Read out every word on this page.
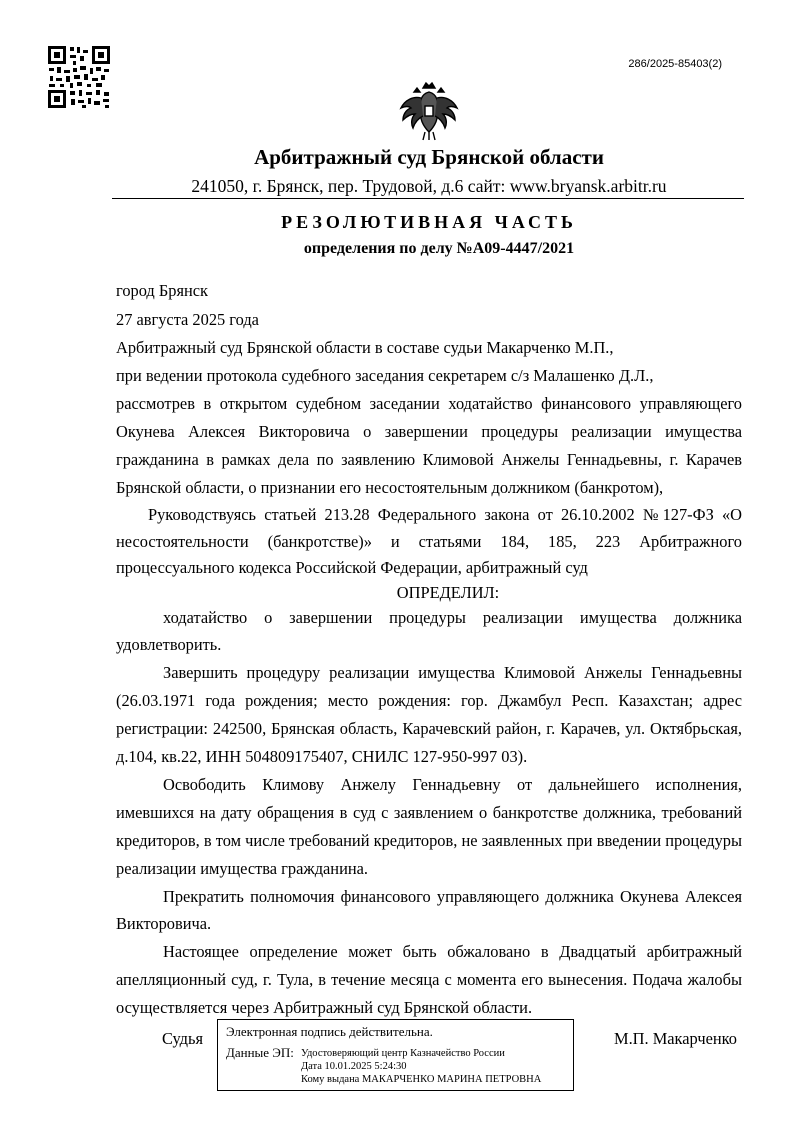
286/2025-85403(2)
Арбитражный суд Брянской области
241050, г. Брянск, пер. Трудовой, д.6 сайт: www.bryansk.arbitr.ru
РЕЗОЛЮТИВНАЯ ЧАСТЬ
определения по делу №А09-4447/2021
город Брянск
27 августа 2025 года
Арбитражный суд Брянской области в составе судьи Макарченко М.П.,
при ведении протокола судебного заседания секретарем с/з Малашенко Д.Л.,
рассмотрев в открытом судебном заседании ходатайство финансового управляющего
Окунева Алексея Викторовича о завершении процедуры реализации имущества
гражданина в рамках дела по заявлению Климовой Анжелы Геннадьевны, г. Карачев
Брянской области, о признании его несостоятельным должником (банкротом),
Руководствуясь статьей 213.28 Федерального закона от 26.10.2002 №127-ФЗ «О
несостоятельности (банкротстве)» и статьями 184, 185, 223 Арбитражного
процессуального кодекса Российской Федерации, арбитражный суд
ОПРЕДЕЛИЛ:
ходатайство о завершении процедуры реализации имущества должника
удовлетворить.
Завершить процедуру реализации имущества Климовой Анжелы Геннадьевны
(26.03.1971 года рождения; место рождения: гор. Джамбул Респ. Казахстан; адрес
регистрации: 242500, Брянская область, Карачевский район, г. Карачев, ул. Октябрьская,
д.104, кв.22, ИНН 504809175407, СНИЛС 127-950-997 03).
Освободить Климову Анжелу Геннадьевну от дальнейшего исполнения,
имевшихся на дату обращения в суд с заявлением о банкротстве должника, требований
кредиторов, в том числе требований кредиторов, не заявленных при введении процедуры
реализации имущества гражданина.
Прекратить полномочия финансового управляющего должника Окунева Алексея
Викторовича.
Настоящее определение может быть обжаловано в Двадцатый арбитражный
апелляционный суд, г. Тула, в течение месяца с момента его вынесения. Подача жалобы
осуществляется через Арбитражный суд Брянской области.
Судья Электронная подпись действительна.
Данные ЭП: Удостоверяющий центр Казначейство России
Дата 10.01.2025 5:24:30
Кому выдана МАКАРЧЕНКО МАРИНА ПЕТРОВНА
М.П. Макарченко
